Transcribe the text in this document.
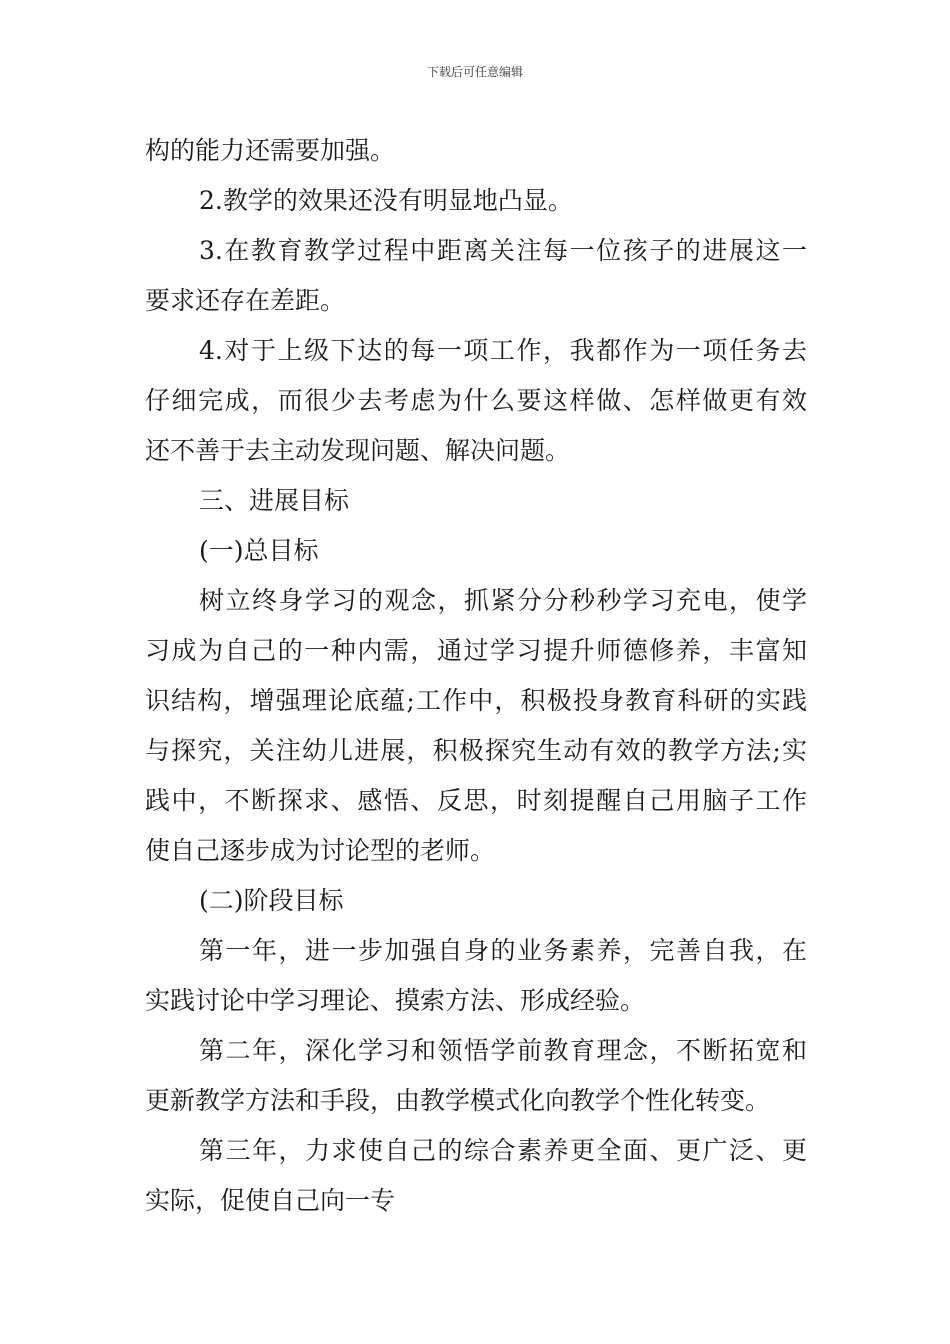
下载后可任意编辑
构的能力还需要加强。
2.教学的效果还没有明显地凸显。
3.在教育教学过程中距离关注每一位孩子的进展这一
要求还存在差距。
4.对于上级下达的每一项工作，我都作为一项任务去
仔细完成，而很少去考虑为什么要这样做、怎样做更有效
还不善于去主动发现问题、解决问题。
三、进展目标
(一)总目标
树立终身学习的观念，抓紧分分秒秒学习充电，使学
习成为自己的一种内需，通过学习提升师德修养，丰富知
识结构，增强理论底蕴;工作中，积极投身教育科研的实践
与探究，关注幼儿进展，积极探究生动有效的教学方法;实
践中，不断探求、感悟、反思，时刻提醒自己用脑子工作
使自己逐步成为讨论型的老师。
(二)阶段目标
第一年，进一步加强自身的业务素养，完善自我，在
实践讨论中学习理论、摸索方法、形成经验。
第二年，深化学习和领悟学前教育理念，不断拓宽和
更新教学方法和手段，由教学模式化向教学个性化转变。
第三年，力求使自己的综合素养更全面、更广泛、更
实际，促使自己向一专
